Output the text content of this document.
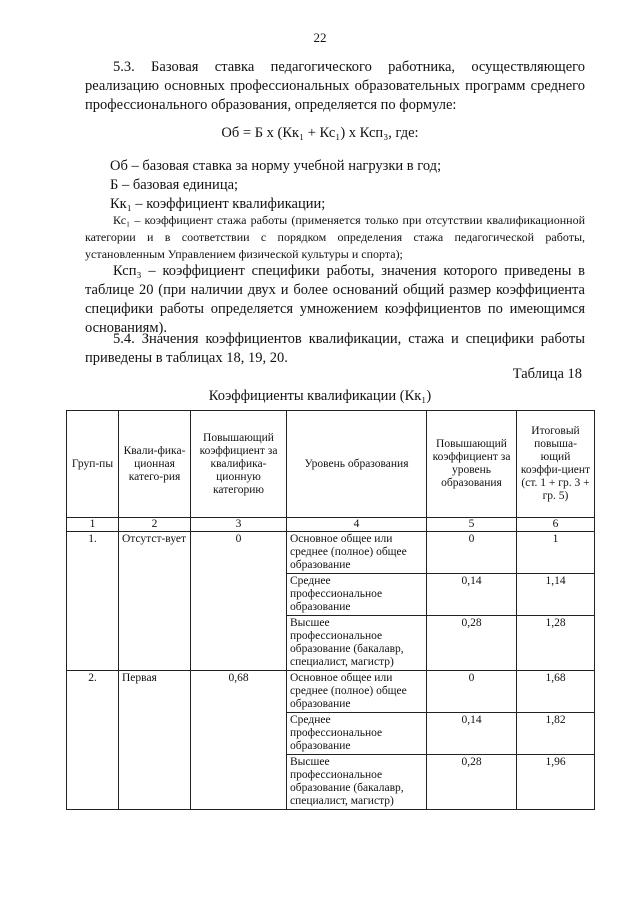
22

5.3. Базовая ставка педагогического работника, осуществляющего реализацию основных профессиональных образовательных программ среднего профессионального образования, определяется по формуле:

Об = Б х (Кк₁ + Кс₁) х Ксп₃, где:

Об – базовая ставка за норму учебной нагрузки в год;

Б – базовая единица;

Кк₁ – коэффициент квалификации;

Кс₁ – коэффициент стажа работы (применяется только при отсутствии квалификационной категории и в соответствии с порядком определения стажа педагогической работы, установленным Управлением физической культуры и спорта);

Ксп₃ – коэффициент специфики работы, значения которого приведены в таблице 20 (при наличии двух и более оснований общий размер коэффициента специфики работы определяется умножением коэффициентов по имеющимся основаниям).

5.4. Значения коэффициентов квалификации, стажа и специфики работы приведены в таблицах 18, 19, 20.

Таблица 18
Коэффициенты квалификации (Кк₁)
Груп-пы	Квали-фика-ционная катего-рия	Повышающий коэффициент за квалифика-ционную категорию	Уровень образования	Повышающий коэффициент за уровень образования	Итоговый повыша-ющий коэффи-циент (ст. 1 + гр. 3 + гр. 5)
1	2	3	4	5	6
1.	Отсутст-вует	0	Основное общее или среднее (полное) общее образование	0	1
			Среднее профессиональное образование	0,14	1,14
			Высшее профессиональное образование (бакалавр, специалист, магистр)	0,28	1,28
2.	Первая	0,68	Основное общее или среднее (полное) общее образование	0	1,68
			Среднее профессиональное образование	0,14	1,82
			Высшее профессиональное образование (бакалавр, специалист, магистр)	0,28	1,96
